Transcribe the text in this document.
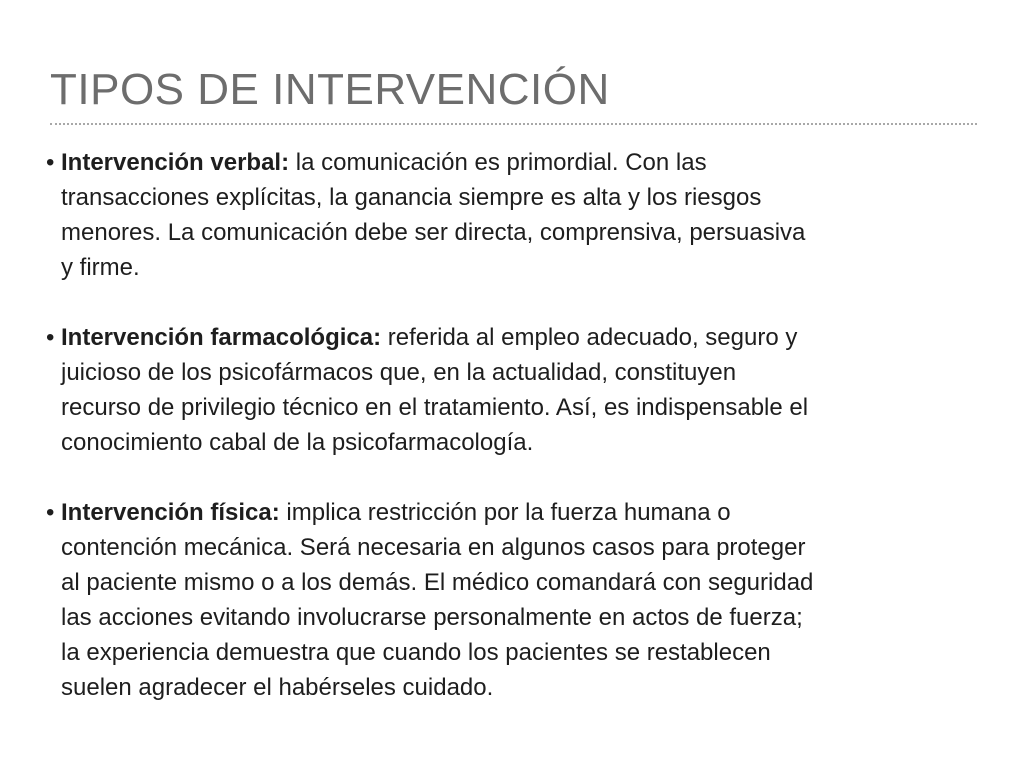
TIPOS DE INTERVENCIÓN
• Intervención verbal: la comunicación es primordial. Con las
transacciones explícitas, la ganancia siempre es alta y los riesgos
menores. La comunicación debe ser directa, comprensiva, persuasiva
y firme.
• Intervención farmacológica: referida al empleo adecuado, seguro y
juicioso de los psicofármacos que, en la actualidad, constituyen
recurso de privilegio técnico en el tratamiento. Así, es indispensable el
conocimiento cabal de la psicofarmacología.
• Intervención física: implica restricción por la fuerza humana o
contención mecánica. Será necesaria en algunos casos para proteger
al paciente mismo o a los demás. El médico comandará con seguridad
las acciones evitando involucrarse personalmente en actos de fuerza;
la experiencia demuestra que cuando los pacientes se restablecen
suelen agradecer el habérseles cuidado.
